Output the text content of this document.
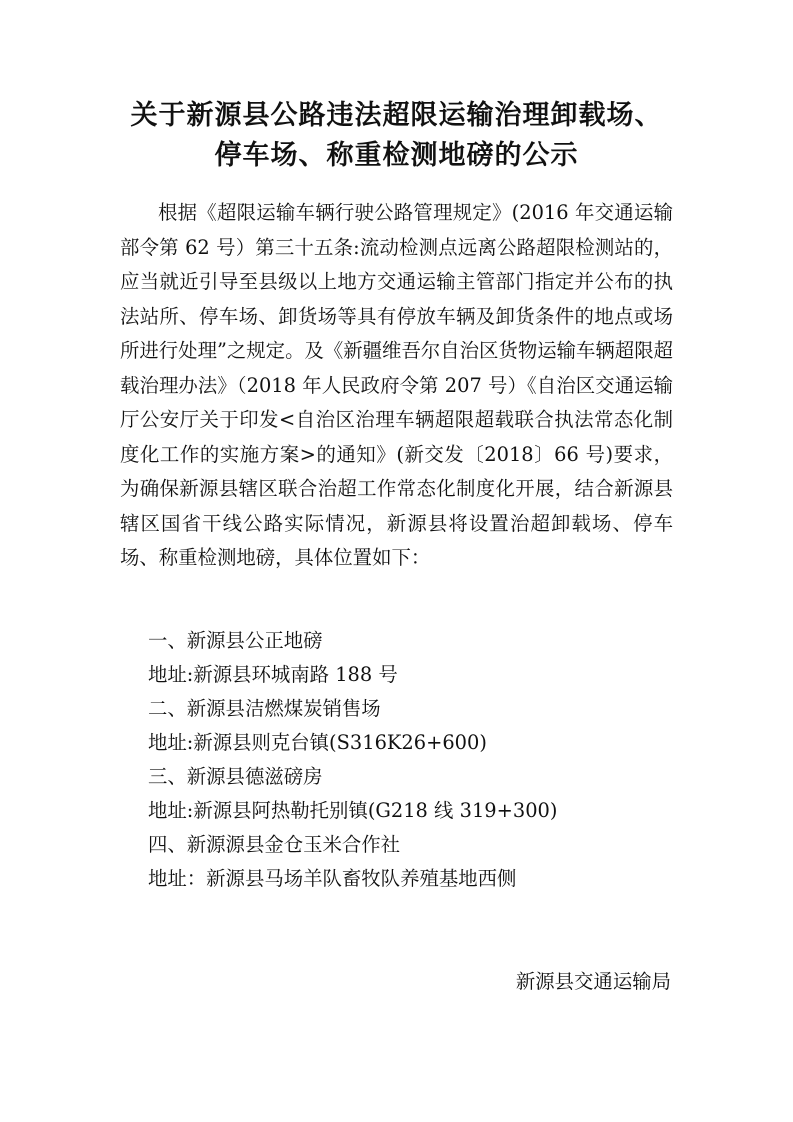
关于新源县公路违法超限运输治理卸载场、
停车场、称重检测地磅的公示

根据《超限运输车辆行驶公路管理规定》(2016 年交通运输部令第 62 号）第三十五条:流动检测点远离公路超限检测站的，应当就近引导至县级以上地方交通运输主管部门指定并公布的执法站所、停车场、卸货场等具有停放车辆及卸货条件的地点或场所进行处理”之规定。及《新疆维吾尔自治区货物运输车辆超限超载治理办法》（2018 年人民政府令第 207 号）《自治区交通运输厅公安厅关于印发<自治区治理车辆超限超载联合执法常态化制度化工作的实施方案>的通知》(新交发〔2018〕66 号)要求，为确保新源县辖区联合治超工作常态化制度化开展，结合新源县辖区国省干线公路实际情况，新源县将设置治超卸载场、停车场、称重检测地磅，具体位置如下：

一、新源县公正地磅

地址:新源县环城南路 188 号

二、新源县洁燃煤炭销售场

地址:新源县则克台镇(S316K26+600)

三、新源县德滋磅房

地址:新源县阿热勒托别镇(G218 线 319+300)

四、新源源县金仓玉米合作社

地址：新源县马场羊队畜牧队养殖基地西侧

新源县交通运输局
